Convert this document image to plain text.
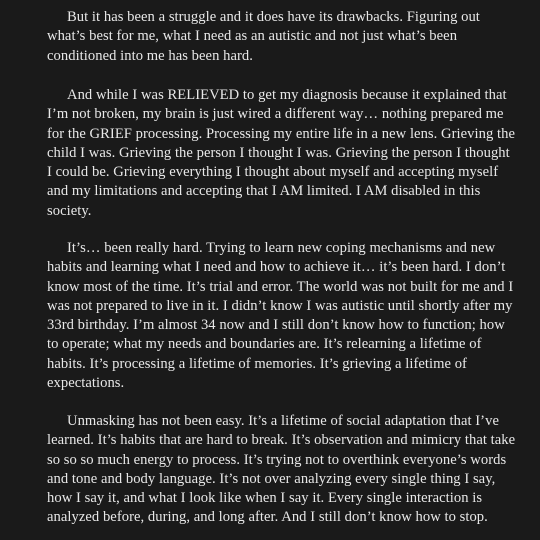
But it has been a struggle and it does have its drawbacks. Figuring out
what’s best for me, what I need as an autistic and not just what’s been
conditioned into me has been hard.
And while I was RELIEVED to get my diagnosis because it explained that
I’m not broken, my brain is just wired a different way… nothing prepared me
for the GRIEF processing. Processing my entire life in a new lens. Grieving the
child I was. Grieving the person I thought I was. Grieving the person I thought
I could be. Grieving everything I thought about myself and accepting myself
and my limitations and accepting that I AM limited. I AM disabled in this
society.
It’s… been really hard. Trying to learn new coping mechanisms and new
habits and learning what I need and how to achieve it… it’s been hard. I don’t
know most of the time. It’s trial and error. The world was not built for me and I
was not prepared to live in it. I didn’t know I was autistic until shortly after my
33rd birthday. I’m almost 34 now and I still don’t know how to function; how
to operate; what my needs and boundaries are. It’s relearning a lifetime of
habits. It’s processing a lifetime of memories. It’s grieving a lifetime of
expectations.
Unmasking has not been easy. It’s a lifetime of social adaptation that I’ve
learned. It’s habits that are hard to break. It’s observation and mimicry that take
so so so much energy to process. It’s trying not to overthink everyone’s words
and tone and body language. It’s not over analyzing every single thing I say,
how I say it, and what I look like when I say it. Every single interaction is
analyzed before, during, and long after. And I still don’t know how to stop.
